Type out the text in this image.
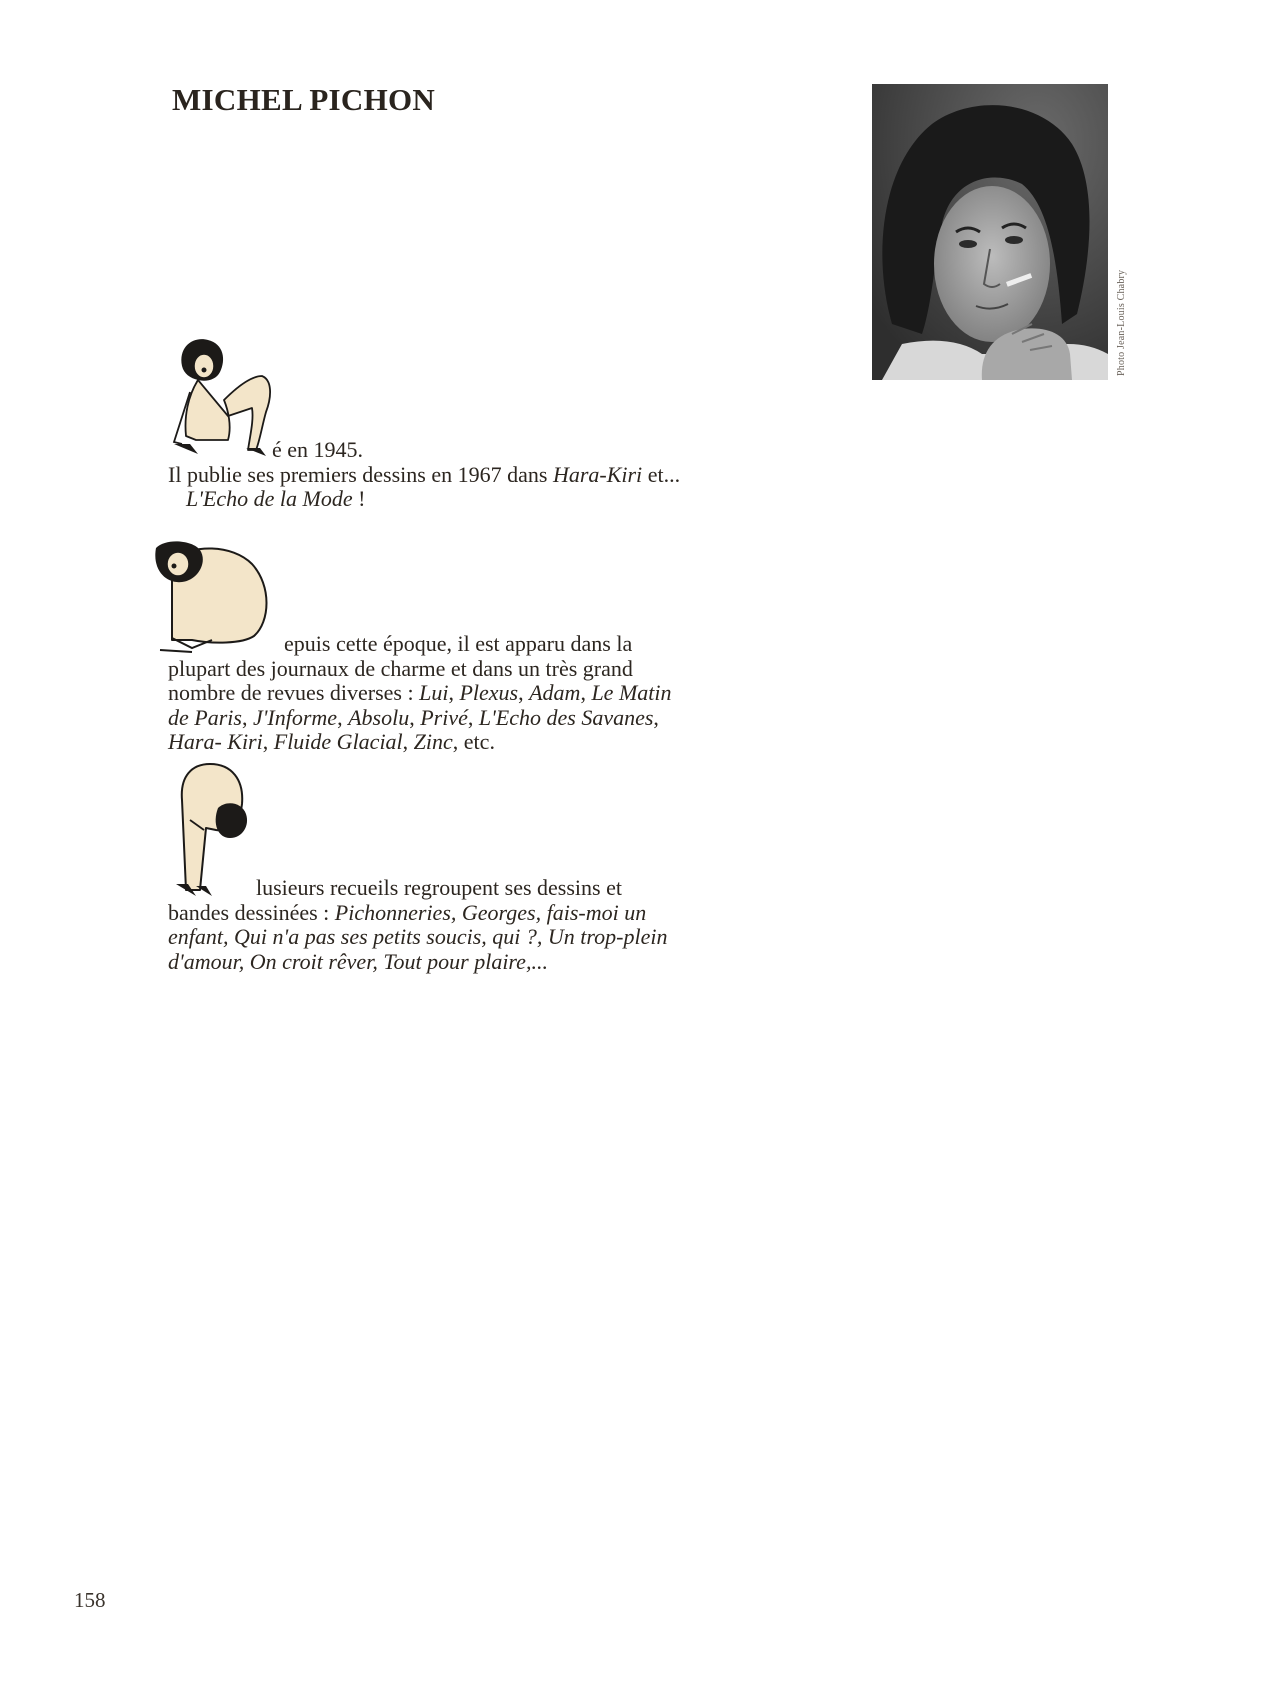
MICHEL PICHON
Photo Jean-Louis Chabry
é en 1945.
Il publie ses premiers dessins en 1967 dans Hara-Kiri et...
L'Echo de la Mode !
epuis cette époque, il est apparu dans la
plupart des journaux de charme et dans un très grand
nombre de revues diverses : Lui, Plexus, Adam, Le Matin
de Paris, J'Informe, Absolu, Privé, L'Echo des Savanes,
Hara- Kiri, Fluide Glacial, Zinc, etc.
lusieurs recueils regroupent ses dessins et
bandes dessinées : Pichonneries, Georges, fais-moi un
enfant, Qui n'a pas ses petits soucis, qui ?, Un trop-plein
d'amour, On croit rêver, Tout pour plaire,...
158
